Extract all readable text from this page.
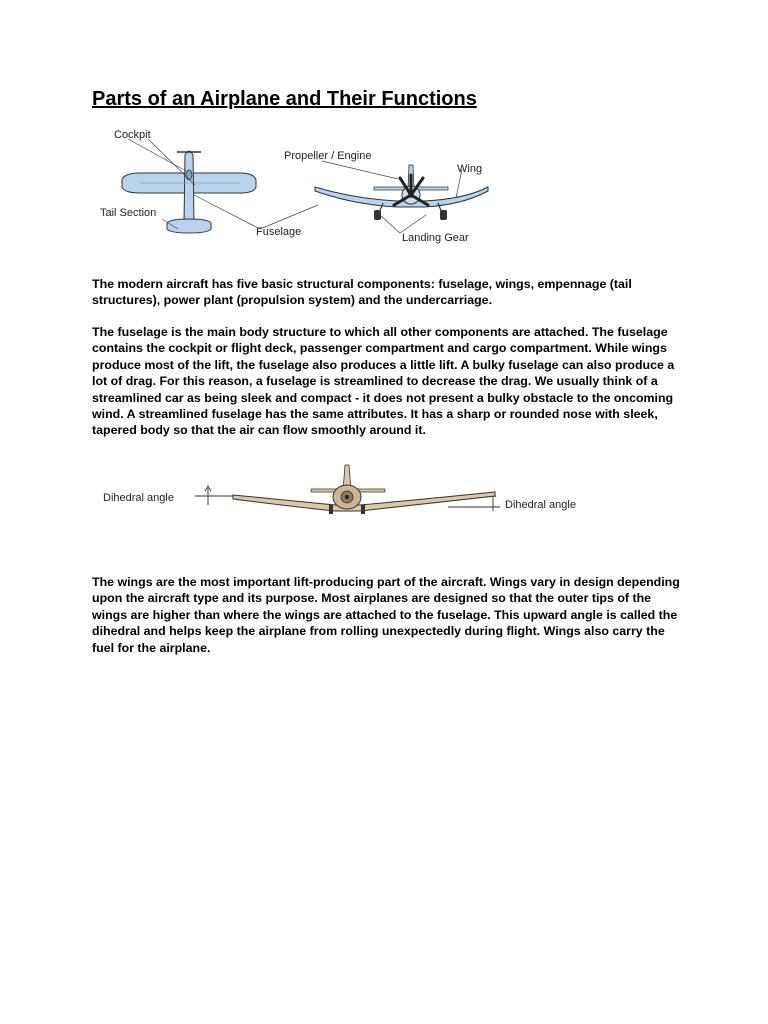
Parts of an Airplane and Their Functions
Cockpit
Tail Section
Fuselage
Propeller / Engine
Wing
Landing Gear

The modern aircraft has five basic structural components: fuselage, wings, empennage (tail structures), power plant (propulsion system) and the undercarriage.

The fuselage is the main body structure to which all other components are attached. The fuselage contains the cockpit or flight deck, passenger compartment and cargo compartment. While wings produce most of the lift, the fuselage also produces a little lift. A bulky fuselage can also produce a lot of drag. For this reason, a fuselage is streamlined to decrease the drag. We usually think of a streamlined car as being sleek and compact - it does not present a bulky obstacle to the oncoming wind. A streamlined fuselage has the same attributes. It has a sharp or rounded nose with sleek, tapered body so that the air can flow smoothly around it.

Dihedral angle
Dihedral angle

The wings are the most important lift-producing part of the aircraft. Wings vary in design depending upon the aircraft type and its purpose. Most airplanes are designed so that the outer tips of the wings are higher than where the wings are attached to the fuselage. This upward angle is called the dihedral and helps keep the airplane from rolling unexpectedly during flight. Wings also carry the fuel for the airplane.
